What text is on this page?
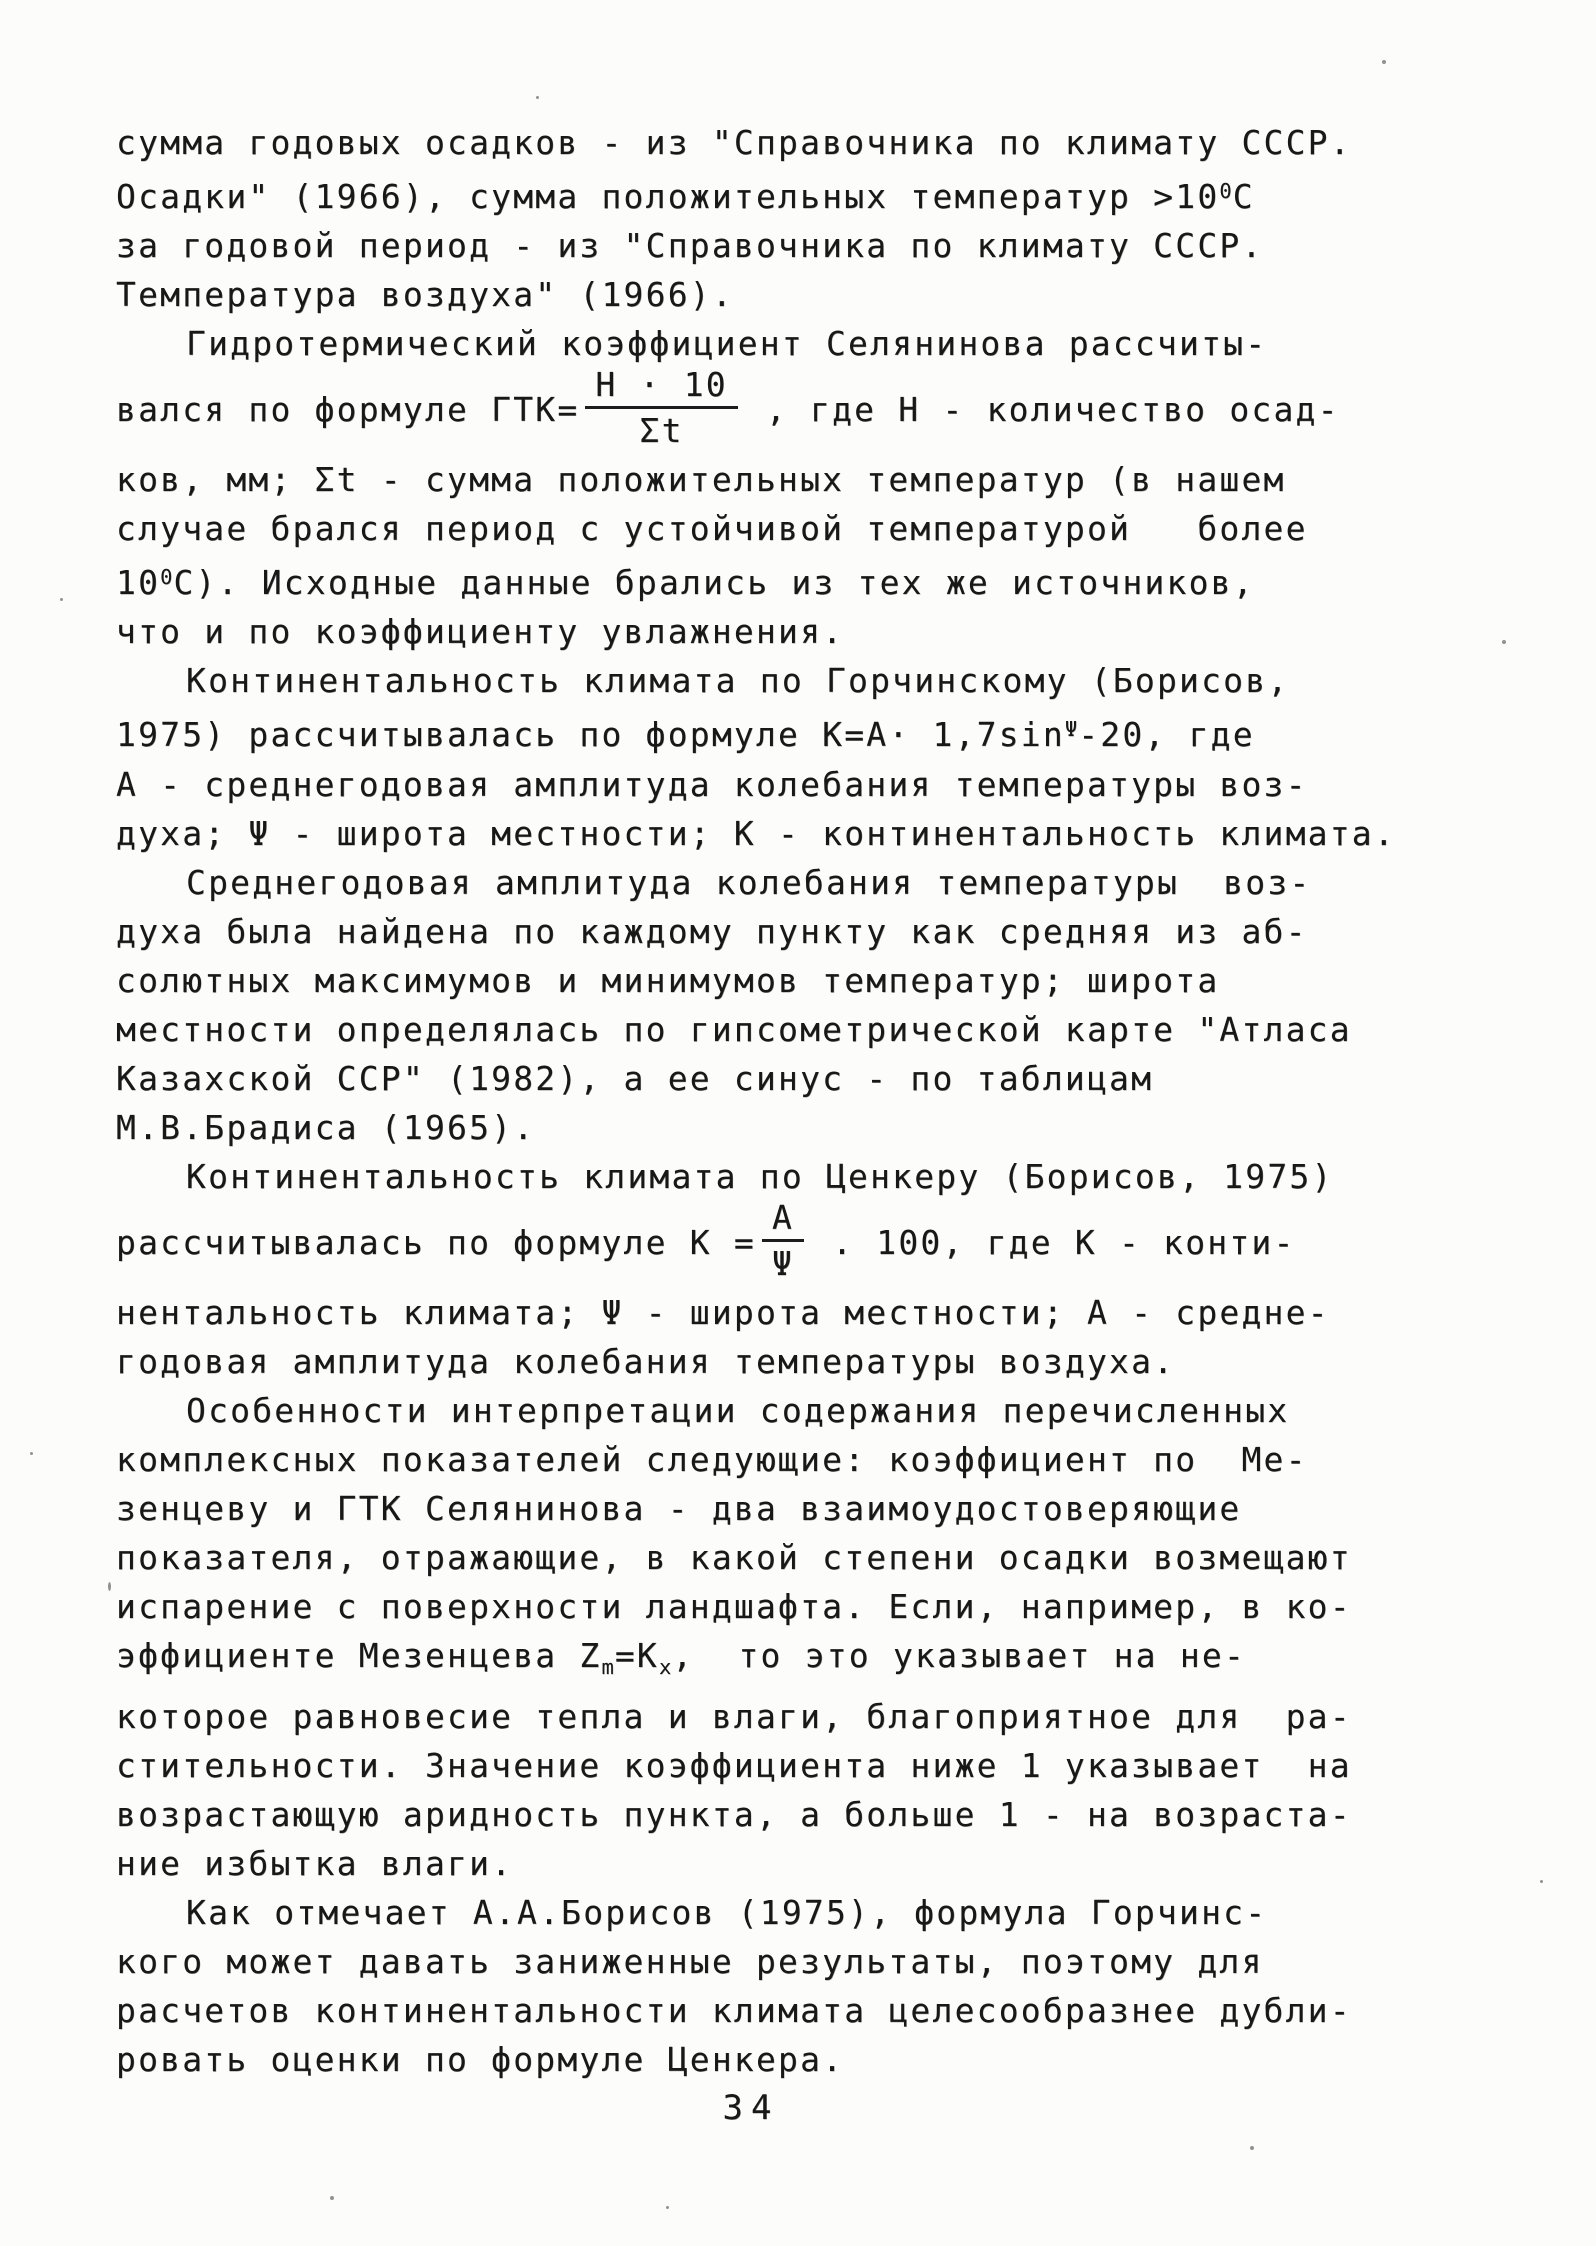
сумма годовых осадков - из "Справочника по климату СССР.
Осадки" (1966), сумма положительных температур $>10^0С$
за годовой период - из "Справочника по климату СССР.
Температура воздуха" (1966).
Гидротермический коэффициент Селянинова рассчиты-
вался по формуле $ГТК= \frac{Н \cdot 10}{\Sigma t}$ , где Н - количество осад-
ков, мм; Σt - сумма положительных температур (в нашем
случае брался период с устойчивой температурой   более
$10^0С$). Исходные данные брались из тех же источников,
что и по коэффициенту увлажнения.
Континентальность климата по Горчинскому (Борисов,
1975) рассчитывалась по формуле $К=А\cdot 1,7\sin^\Psi-20$, где
А - среднегодовая амплитуда колебания температуры воз-
духа; Ψ - широта местности; К - континентальность климата.
Среднегодовая амплитуда колебания температуры  воз-
духа была найдена по каждому пункту как средняя из аб-
солютных максимумов и минимумов температур; широта
местности определялась по гипсометрической карте "Атласа
Казахской ССР" (1982), а ее синус - по таблицам
М.В.Брадиса (1965).
Континентальность климата по Ценкеру (Борисов, 1975)
рассчитывалась по формуле $К = \frac{А}{\Psi}$ . 100, где К - конти-
нентальность климата; Ψ - широта местности; А - средне-
годовая амплитуда колебания температуры воздуха.
Особенности интерпретации содержания перечисленных
комплексных показателей следующие: коэффициент по  Ме-
зенцеву и ГТК Селянинова - два взаимоудостоверяющие
показателя, отражающие, в какой степени осадки возмещают
испарение с поверхности ландшафта. Если, например, в ко-
эффициенте Мезенцева $Z_m=K_x$,  то это указывает на не-
которое равновесие тепла и влаги, благоприятное для  ра-
стительности. Значение коэффициента ниже 1 указывает  на
возрастающую аридность пункта, а больше 1 - на возраста-
ние избытка влаги.
Как отмечает А.А.Борисов (1975), формула Горчинс-
кого может давать заниженные результаты, поэтому для
расчетов континентальности климата целесообразнее дубли-
ровать оценки по формуле Ценкера.
34
